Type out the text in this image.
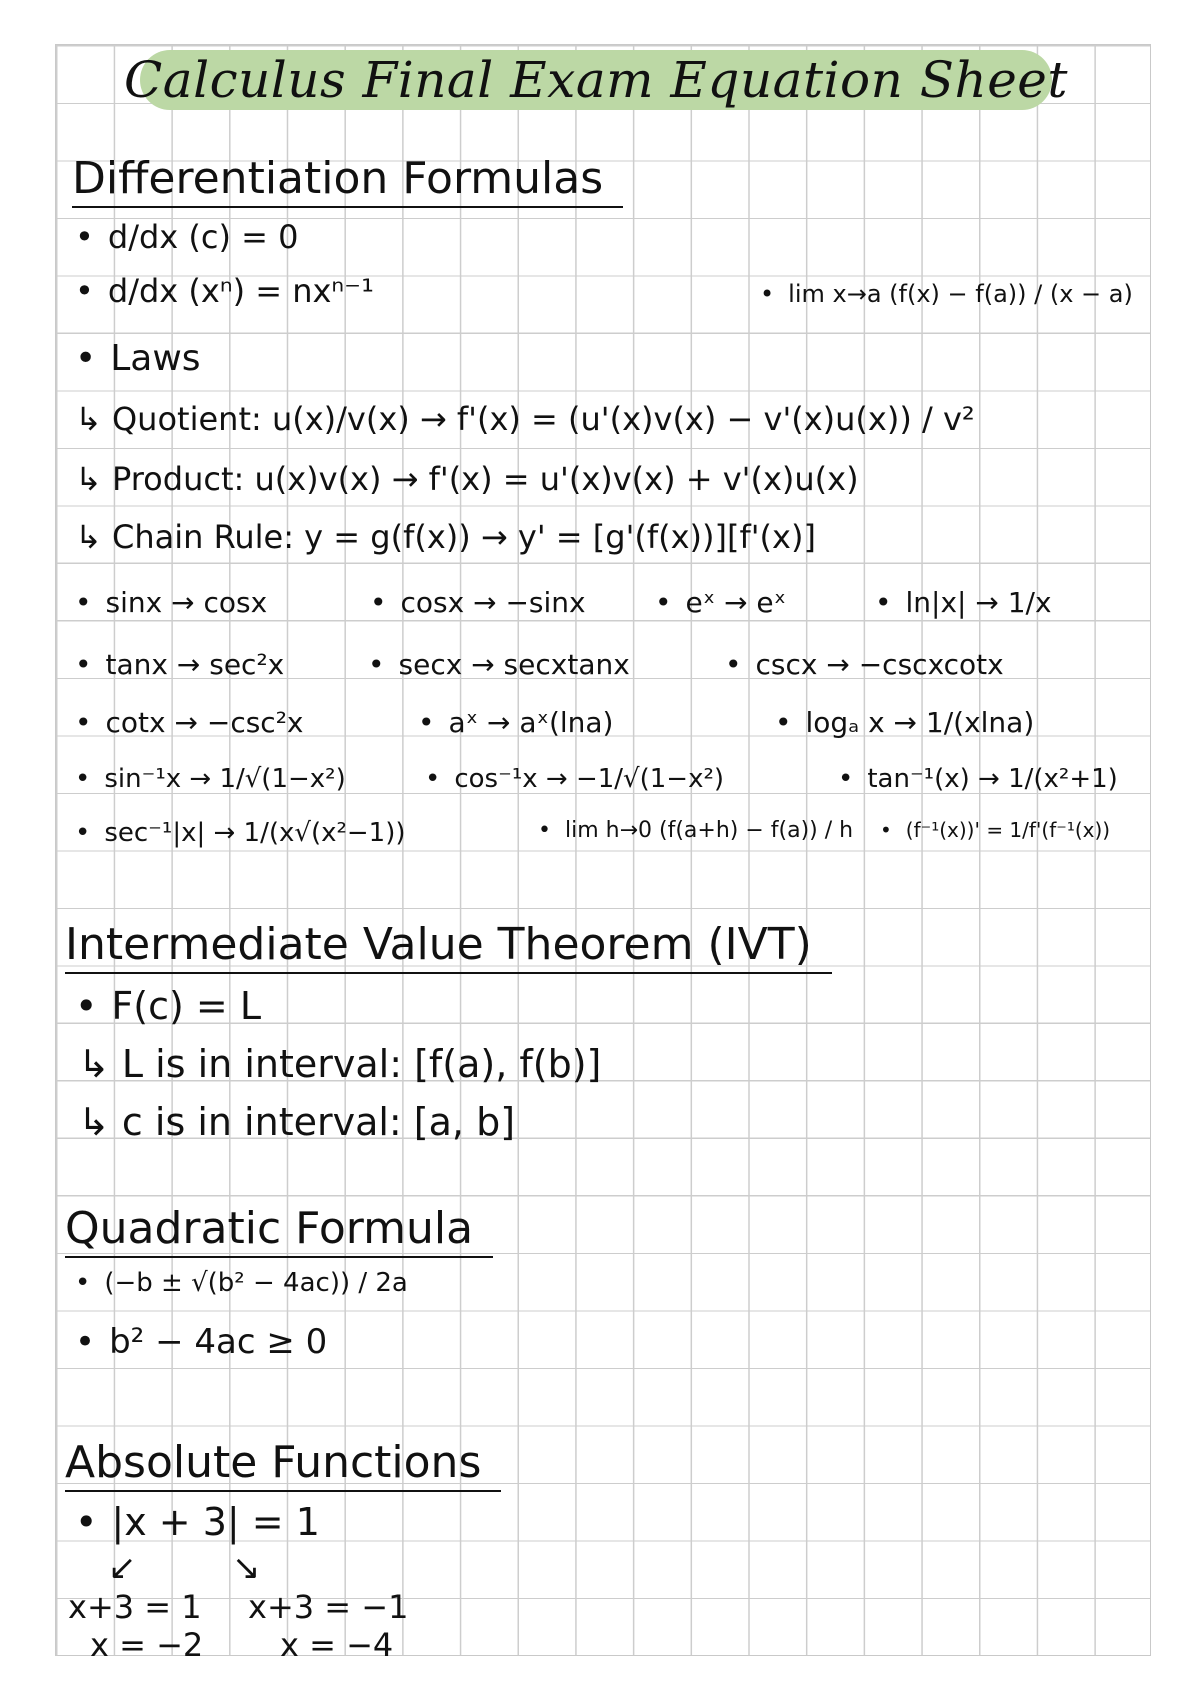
Calculus Final Exam Equation Sheet
Differentiation Formulas
• d/dx (c) = 0
• d/dx (xⁿ) = nxⁿ⁻¹	• lim x→a (f(x) − f(a)) / (x − a)
• Laws
↳ Quotient: u(x)/v(x) → f'(x) = (u'(x)v(x) − v'(x)u(x)) / v²
↳ Product: u(x)v(x) → f'(x) = u'(x)v(x) + v'(x)u(x)
↳ Chain Rule: y = g(f(x)) → y' = [g'(f(x))][f'(x)]
• sinx → cosx	• cosx → −sinx • eˣ → eˣ	• ln|x| → 1/x
• tanx → sec²x	• secx → secxtanx	• cscx → −cscxcotx
• cotx → −csc²x	• aˣ → aˣ(lna)	• logₐ x → 1/(xlna)
• sin⁻¹x → 1/√(1−x²)	• cos⁻¹x → −1/√(1−x²)	• tan⁻¹(x) → 1/(x²+1)
• sec⁻¹|x| → 1/(x√(x²−1))	• lim h→0 (f(a+h) − f(a)) / h • (f⁻¹(x))' = 1/f'(f⁻¹(x))
Intermediate Value Theorem (IVT)
• F(c) = L
↳ L is in interval: [f(a), f(b)]
↳ c is in interval: [a, b]
Quadratic Formula
• (−b ± √(b² − 4ac)) / 2a
• b² − 4ac ≥ 0
Absolute Functions
• |x + 3| = 1
↙	↘
x+3 = 1
x = −2
x+3 = −1
x = −4
